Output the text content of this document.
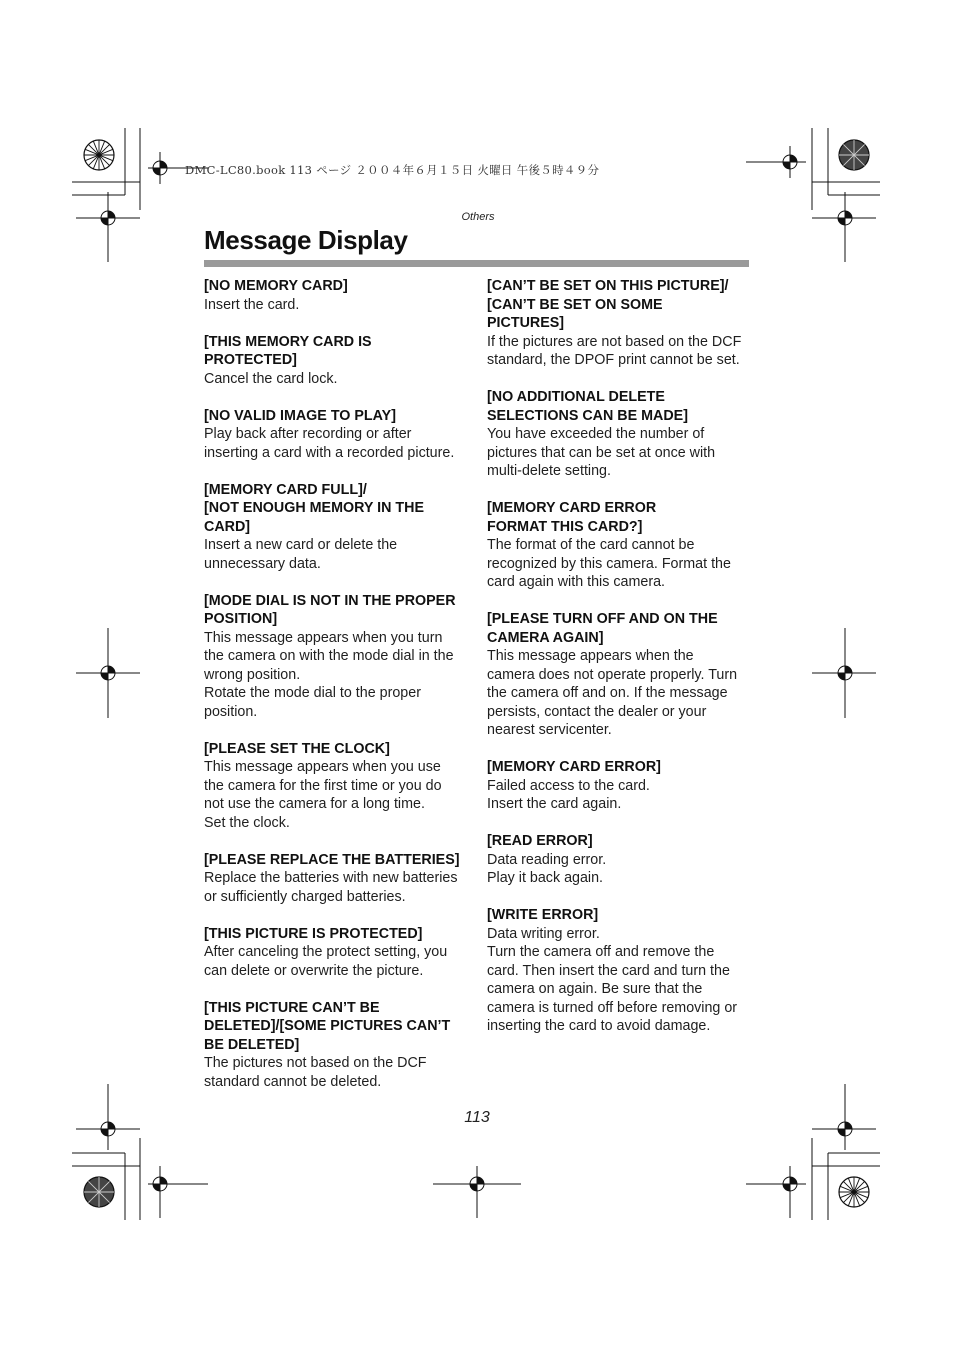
DMC-LC80.book 113 ページ ２００４年６月１５日 火曜日 午後５時４９分
Others
Message Display
[NO MEMORY CARD]
Insert the card.
[THIS MEMORY CARD IS
PROTECTED]
Cancel the card lock.
[NO VALID IMAGE TO PLAY]
Play back after recording or after
inserting a card with a recorded picture.
[MEMORY CARD FULL]/
[NOT ENOUGH MEMORY IN THE
CARD]
Insert a new card or delete the
unnecessary data.
[MODE DIAL IS NOT IN THE PROPER
POSITION]
This message appears when you turn
the camera on with the mode dial in the
wrong position.
Rotate the mode dial to the proper
position.
[PLEASE SET THE CLOCK]
This message appears when you use
the camera for the first time or you do
not use the camera for a long time.
Set the clock.
[PLEASE REPLACE THE BATTERIES]
Replace the batteries with new batteries
or sufficiently charged batteries.
[THIS PICTURE IS PROTECTED]
After canceling the protect setting, you
can delete or overwrite the picture.
[THIS PICTURE CAN’T BE
DELETED]/[SOME PICTURES CAN’T
BE DELETED]
The pictures not based on the DCF
standard cannot be deleted.
[CAN’T BE SET ON THIS PICTURE]/
[CAN’T BE SET ON SOME
PICTURES]
If the pictures are not based on the DCF
standard, the DPOF print cannot be set.
[NO ADDITIONAL DELETE
SELECTIONS CAN BE MADE]
You have exceeded the number of
pictures that can be set at once with
multi-delete setting.
[MEMORY CARD ERROR
FORMAT THIS CARD?]
The format of the card cannot be
recognized by this camera. Format the
card again with this camera.
[PLEASE TURN OFF AND ON THE
CAMERA AGAIN]
This message appears when the
camera does not operate properly. Turn
the camera off and on. If the message
persists, contact the dealer or your
nearest servicenter.
[MEMORY CARD ERROR]
Failed access to the card.
Insert the card again.
[READ ERROR]
Data reading error.
Play it back again.
[WRITE ERROR]
Data writing error.
Turn the camera off and remove the
card. Then insert the card and turn the
camera on again. Be sure that the
camera is turned off before removing or
inserting the card to avoid damage.
113
